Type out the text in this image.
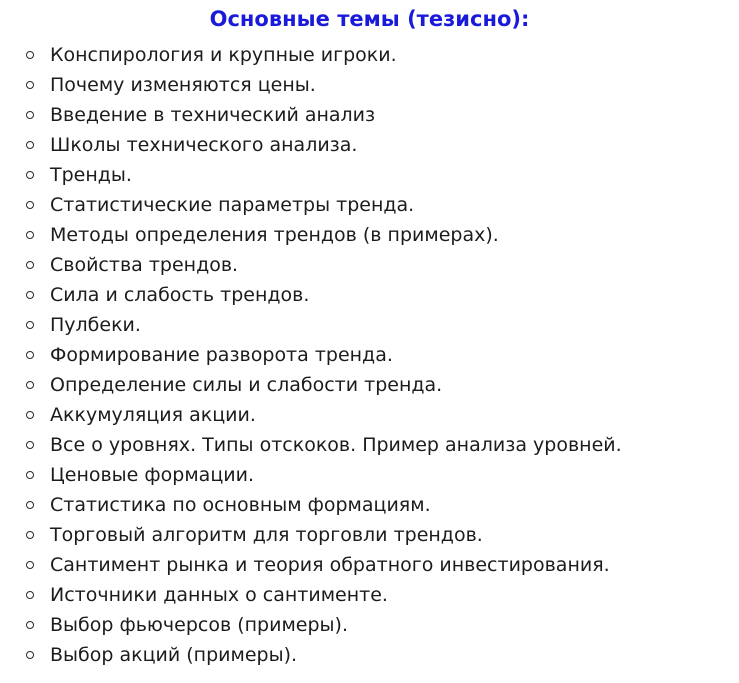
Основные темы (тезисно):
Конспирология и крупные игроки.
Почему изменяются цены.
Введение в технический анализ
Школы технического анализа.
Тренды.
Статистические параметры тренда.
Методы определения трендов (в примерах).
Свойства трендов.
Сила и слабость трендов.
Пулбеки.
Формирование разворота тренда.
Определение силы и слабости тренда.
Аккумуляция акции.
Все о уровнях. Типы отскоков. Пример анализа уровней.
Ценовые формации.
Статистика по основным формациям.
Торговый алгоритм для торговли трендов.
Сантимент рынка и теория обратного инвестирования.
Источники данных о сантименте.
Выбор фьючерсов (примеры).
Выбор акций (примеры).
